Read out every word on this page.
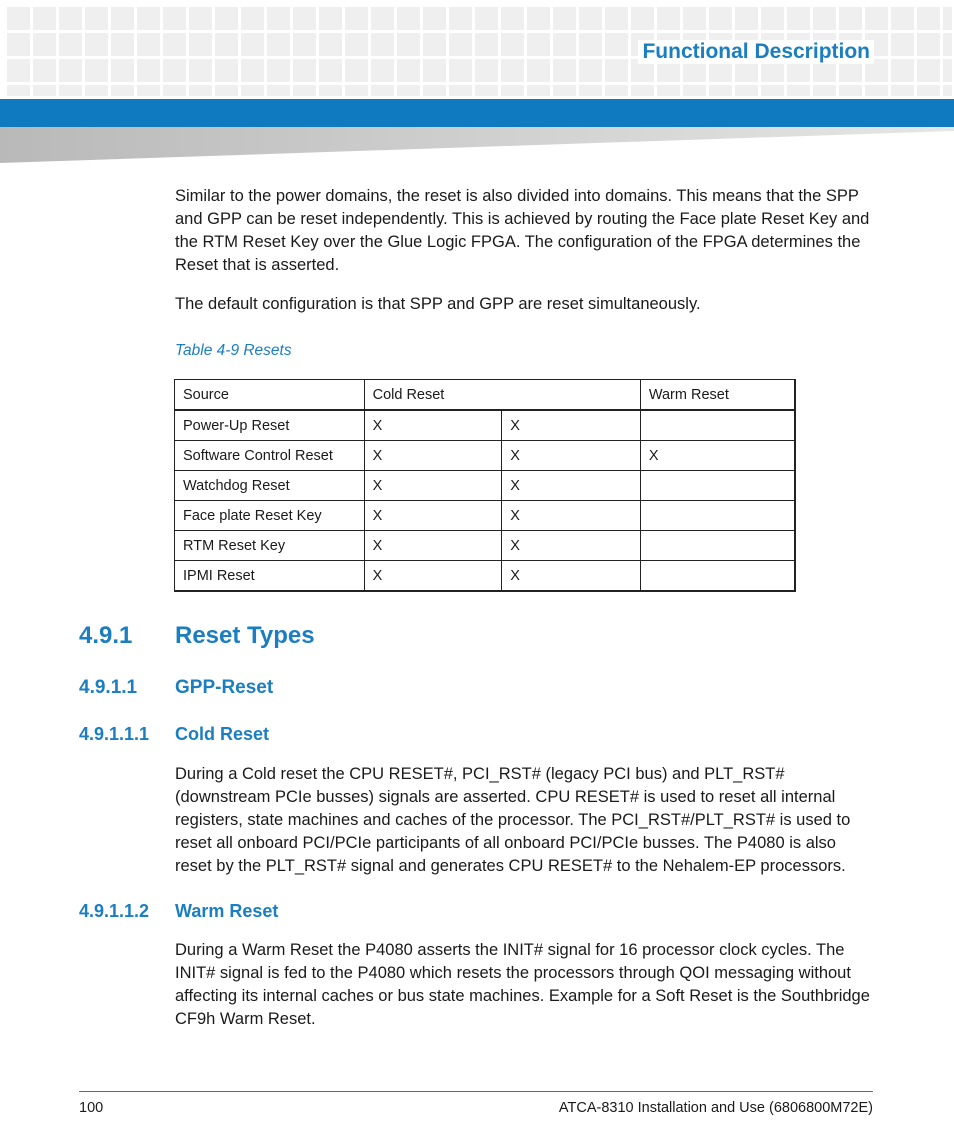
Functional Description

Similar to the power domains, the reset is also divided into domains. This means that the SPP and GPP can be reset independently. This is achieved by routing the Face plate Reset Key and the RTM Reset Key over the Glue Logic FPGA. The configuration of the FPGA determines the Reset that is asserted.

The default configuration is that SPP and GPP are reset simultaneously.

Table 4-9 Resets
Source	Cold Reset		Warm Reset
Power-Up Reset	X	X	
Software Control Reset	X	X	X
Watchdog Reset	X	X	
Face plate Reset Key	X	X	
RTM Reset Key	X	X	
IPMI Reset	X	X	
4.9.1 Reset Types
4.9.1.1 GPP-Reset
4.9.1.1.1 Cold Reset

During a Cold reset the CPU RESET#, PCI_RST# (legacy PCI bus) and PLT_RST# (downstream PCIe busses) signals are asserted. CPU RESET# is used to reset all internal registers, state machines and caches of the processor. The PCI_RST#/PLT_RST# is used to reset all onboard PCI/PCIe participants of all onboard PCI/PCIe busses. The P4080 is also reset by the PLT_RST# signal and generates CPU RESET# to the Nehalem-EP processors.

4.9.1.1.2 Warm Reset

During a Warm Reset the P4080 asserts the INIT# signal for 16 processor clock cycles. The INIT# signal is fed to the P4080 which resets the processors through QOI messaging without affecting its internal caches or bus state machines. Example for a Soft Reset is the Southbridge CF9h Warm Reset.

100	ATCA-8310 Installation and Use (6806800M72E)
